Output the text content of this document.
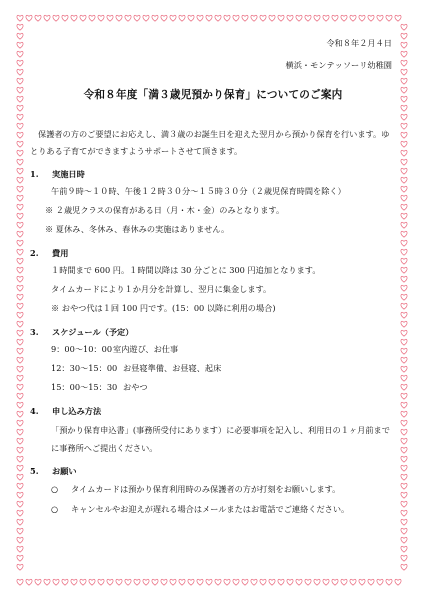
令和８年２月４日
横浜・モンテッソーリ幼稚園
令和８年度「満３歳児預かり保育」についてのご案内
保護者の方のご要望にお応えし、満３歳のお誕生日を迎えた翌月から預かり保育を行います。ゆとりある子育てができますようサポートさせて頂きます。
1.	実施日時
午前９時～１０時、午後１２時３０分～１５時３０分（２歳児保育時間を除く）
※ ２歳児クラスの保育がある日（月・木・金）のみとなります。
※ 夏休み、冬休み、春休みの実施はありません。
2.	費用
１時間まで 600 円。１時間以降は 30 分ごとに 300 円追加となります。
タイムカードにより１か月分を計算し、翌月に集金します。
※ おやつ代は１回 100 円です。(15：00 以降に利用の場合)
3.	スケジュール（予定）
9：00～10：00 室内遊び、お仕事
12：30～15：00 お昼寝準備、お昼寝、起床
15：00～15：30 おやつ
4.	申し込み方法
「預かり保育申込書」(事務所受付にあります）に必要事項を記入し、利用日の１ヶ月前までに事務所へご提出ください。
5.	お願い
○	タイムカードは預かり保育利用時のみ保護者の方が打刻をお願いします。
○	キャンセルやお迎えが遅れる場合はメールまたはお電話でご連絡ください。
